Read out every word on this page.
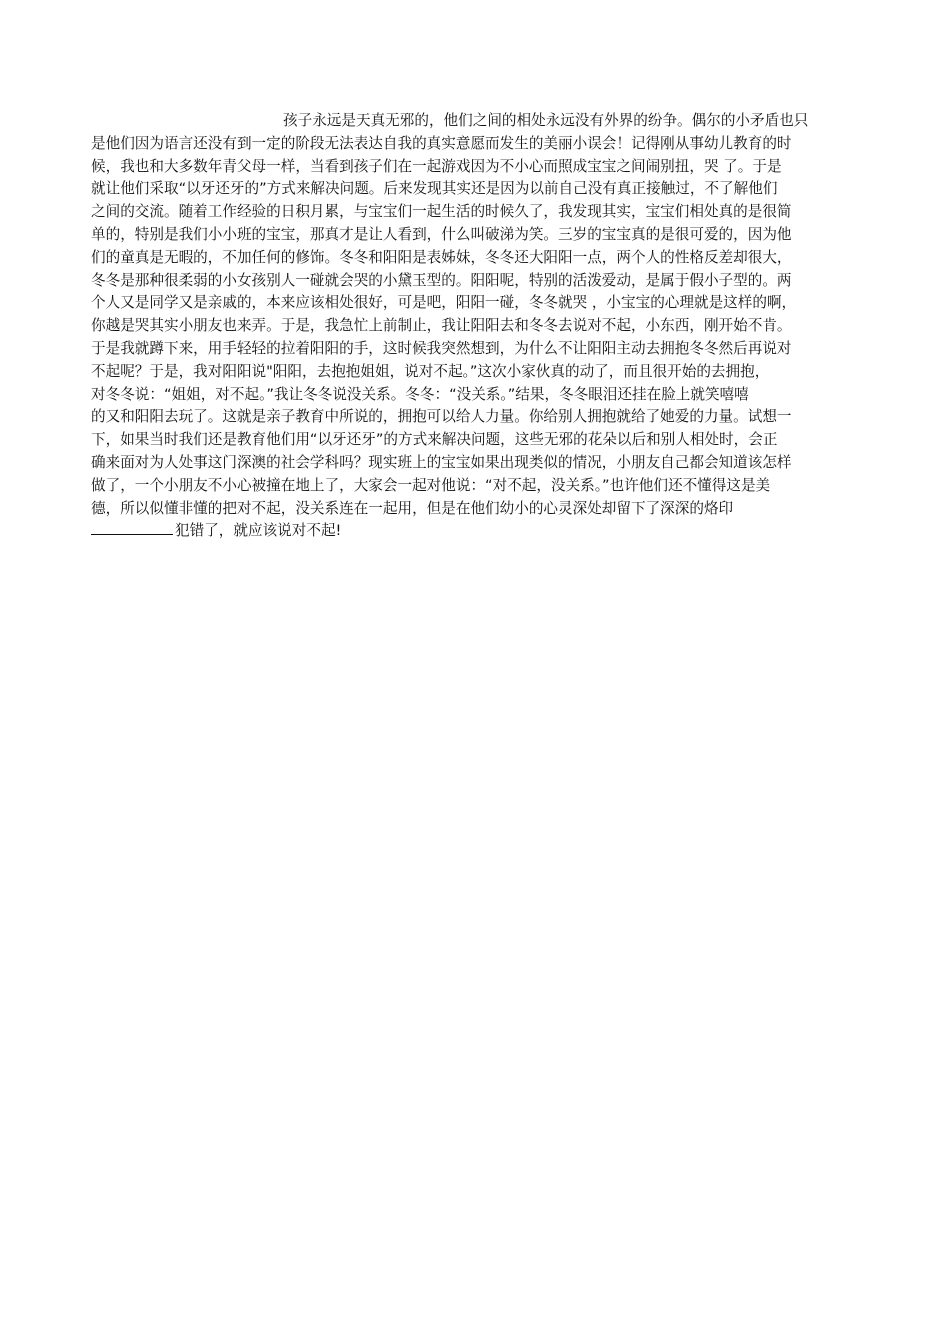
孩子永远是天真无邪的，他们之间的相处永远没有外界的纷争。偶尔的小矛盾也只
是他们因为语言还没有到一定的阶段无法表达自我的真实意愿而发生的美丽小误会！记得刚从事幼儿教育的时
候，我也和大多数年青父母一样，当看到孩子们在一起游戏因为不小心而照成宝宝之间闹别扭，哭 了。于是
就让他们采取“以牙还牙的”方式来解决问题。后来发现其实还是因为以前自己没有真正接触过，不了解他们
之间的交流。随着工作经验的日积月累，与宝宝们一起生活的时候久了，我发现其实，宝宝们相处真的是很简
单的，特别是我们小小班的宝宝，那真才是让人看到，什么叫破涕为笑。三岁的宝宝真的是很可爱的，因为他
们的童真是无暇的，不加任何的修饰。冬冬和阳阳是表姊妹，冬冬还大阳阳一点，两个人的性格反差却很大，
冬冬是那种很柔弱的小女孩别人一碰就会哭的小黛玉型的。阳阳呢，特别的活泼爱动，是属于假小子型的。两
个人又是同学又是亲戚的，本来应该相处很好，可是吧，阳阳一碰，冬冬就哭 ，小宝宝的心理就是这样的啊，
你越是哭其实小朋友也来弄。于是，我急忙上前制止，我让阳阳去和冬冬去说对不起，小东西，刚开始不肯。
于是我就蹲下来，用手轻轻的拉着阳阳的手，这时候我突然想到，为什么不让阳阳主动去拥抱冬冬然后再说对
不起呢？于是，我对阳阳说"阳阳，去抱抱姐姐，说对不起。”这次小家伙真的动了，而且很开始的去拥抱，
对冬冬说：“姐姐，对不起。”我让冬冬说没关系。冬冬：“没关系。”结果，冬冬眼泪还挂在脸上就笑嘻嘻
的又和阳阳去玩了。这就是亲子教育中所说的，拥抱可以给人力量。你给别人拥抱就给了她爱的力量。试想一
下，如果当时我们还是教育他们用“以牙还牙”的方式来解决问题，这些无邪的花朵以后和别人相处时，会正
确来面对为人处事这门深澳的社会学科吗？现实班上的宝宝如果出现类似的情况，小朋友自己都会知道该怎样
做了，一个小朋友不小心被撞在地上了，大家会一起对他说：“对不起，没关系。”也许他们还不懂得这是美
德，所以似懂非懂的把对不起，没关系连在一起用，但是在他们幼小的心灵深处却留下了深深的烙印
犯错了，就应该说对不起!
